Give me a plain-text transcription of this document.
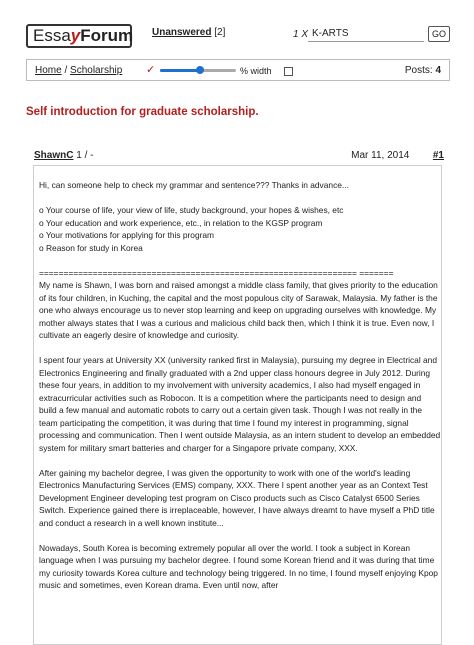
EssayForum Unanswered [2]	1 X
K-ARTS	GO
Home / Scholarship ✓	% width	Posts: 4
Self introduction for graduate scholarship.
ShawnC 1 / -	Mar 11, 2014	#1

Hi, can someone help to check my grammar and sentence??? Thanks in advance...

o Your course of life, your view of life, study background, your hopes & wishes, etc
o Your education and work experience, etc., in relation to the KGSP program
o Your motivations for applying for this program
o Reason for study in Korea

================================================================= =======
My name is Shawn, I was born and raised amongst a middle class family, that gives priority to the education of its four children, in Kuching, the capital and the most populous city of Sarawak, Malaysia. My father is the one who always encourage us to never stop learning and keep on upgrading ourselves with knowledge. My mother always states that I was a curious and malicious child back then, which I think it is true. Even now, I cultivate an eagerly desire of knowledge and curiosity.

I spent four years at University XX (university ranked first in Malaysia), pursuing my degree in Electrical and Electronics Engineering and finally graduated with a 2nd upper class honours degree in July 2012. During these four years, in addition to my involvement with university academics, I also had myself engaged in extracurricular activities such as Robocon. It is a competition where the participants need to design and build a few manual and automatic robots to carry out a certain given task. Though I was not really in the team participating the competition, it was during that time I found my interest in programming, signal processing and communication. Then I went outside Malaysia, as an intern student to develop an embedded system for military smart batteries and charger for a Singapore private company, XXX.

After gaining my bachelor degree, I was given the opportunity to work with one of the world's leading Electronics Manufacturing Services (EMS) company, XXX. There I spent another year as an Context Test Development Engineer developing test program on Cisco products such as Cisco Catalyst 6500 Series Switch. Experience gained there is irreplaceable, however, I have always dreamt to have myself a PhD title and conduct a research in a well known institute...

Nowadays, South Korea is becoming extremely popular all over the world. I took a subject in Korean language when I was pursuing my bachelor degree. I found some Korean friend and it was during that time my curiosity towards Korea culture and technology being triggered. In no time, I found myself enjoying Kpop music and sometimes, even Korean drama. Even until now, after
